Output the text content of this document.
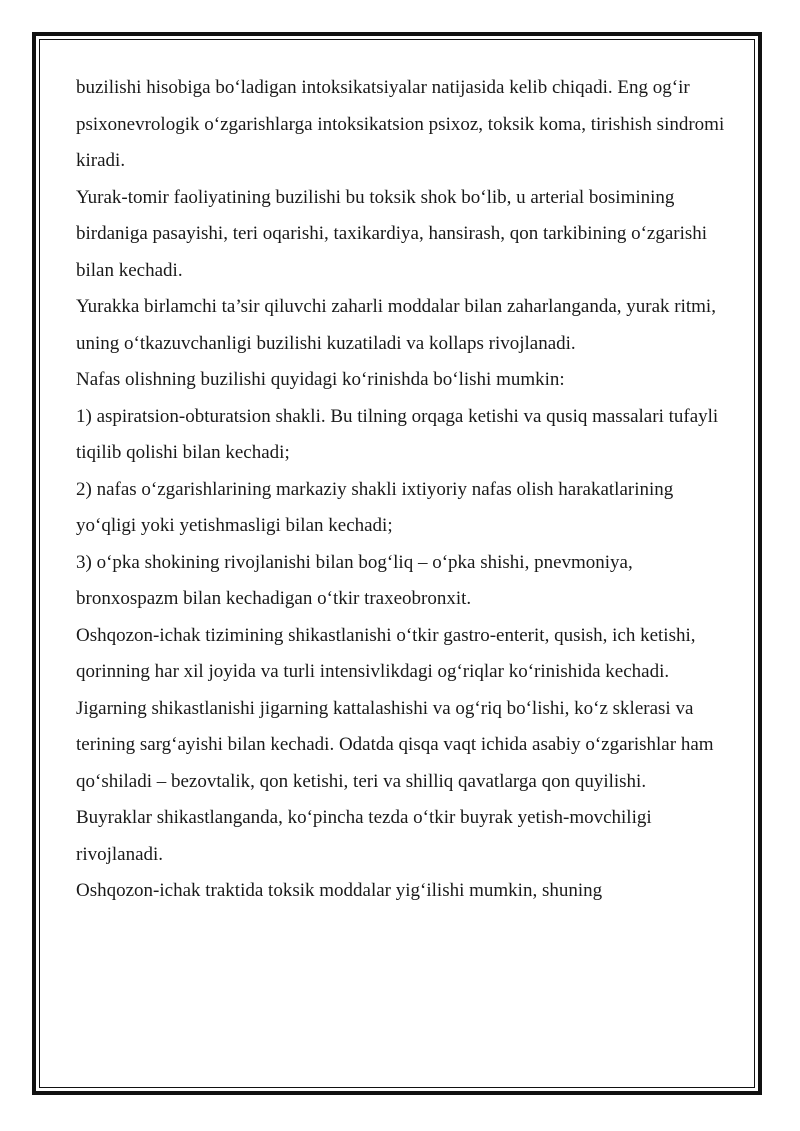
buzilishi hisobiga bo‘ladigan intoksikatsiyalar natijasida kelib chiqadi. Eng og‘ir psixonevrologik o‘zgarishlarga intoksikatsion psixoz, toksik koma, tirishish sindromi kiradi.

Yurak-tomir faoliyatining buzilishi bu toksik shok bo‘lib, u arterial bosimining birdaniga pasayishi, teri oqarishi, taxikardiya, hansirash, qon tarkibining o‘zgarishi bilan kechadi.

Yurakka birlamchi ta’sir qiluvchi zaharli moddalar bilan zaharlanganda, yurak ritmi, uning o‘tkazuvchanligi buzilishi kuzatiladi va kollaps rivojlanadi.

Nafas olishning buzilishi quyidagi ko‘rinishda bo‘lishi mumkin:

1) aspiratsion-obturatsion shakli. Bu tilning orqaga ketishi va qusiq massalari tufayli tiqilib qolishi bilan kechadi;

2) nafas o‘zgarishlarining markaziy shakli ixtiyoriy nafas olish harakatlarining yo‘qligi yoki yetishmasligi bilan kechadi;

3) o‘pka shokining rivojlanishi bilan bog‘liq – o‘pka shishi, pnevmoniya, bronxospazm bilan kechadigan o‘tkir traxeobronxit.

Oshqozon-ichak tizimining shikastlanishi o‘tkir gastro-enterit, qusish, ich ketishi, qorinning har xil joyida va turli intensivlikdagi og‘riqlar ko‘rinishida kechadi.

Jigarning shikastlanishi jigarning kattalashishi va og‘riq bo‘lishi, ko‘z sklerasi va terining sarg‘ayishi bilan kechadi. Odatda qisqa vaqt ichida asabiy o‘zgarishlar ham qo‘shiladi – bezovtalik, qon ketishi, teri va shilliq qavatlarga qon quyilishi.

Buyraklar shikastlanganda, ko‘pincha tezda o‘tkir buyrak yetish-movchiligi rivojlanadi.

Oshqozon-ichak traktida toksik moddalar yig‘ilishi mumkin, shuning
